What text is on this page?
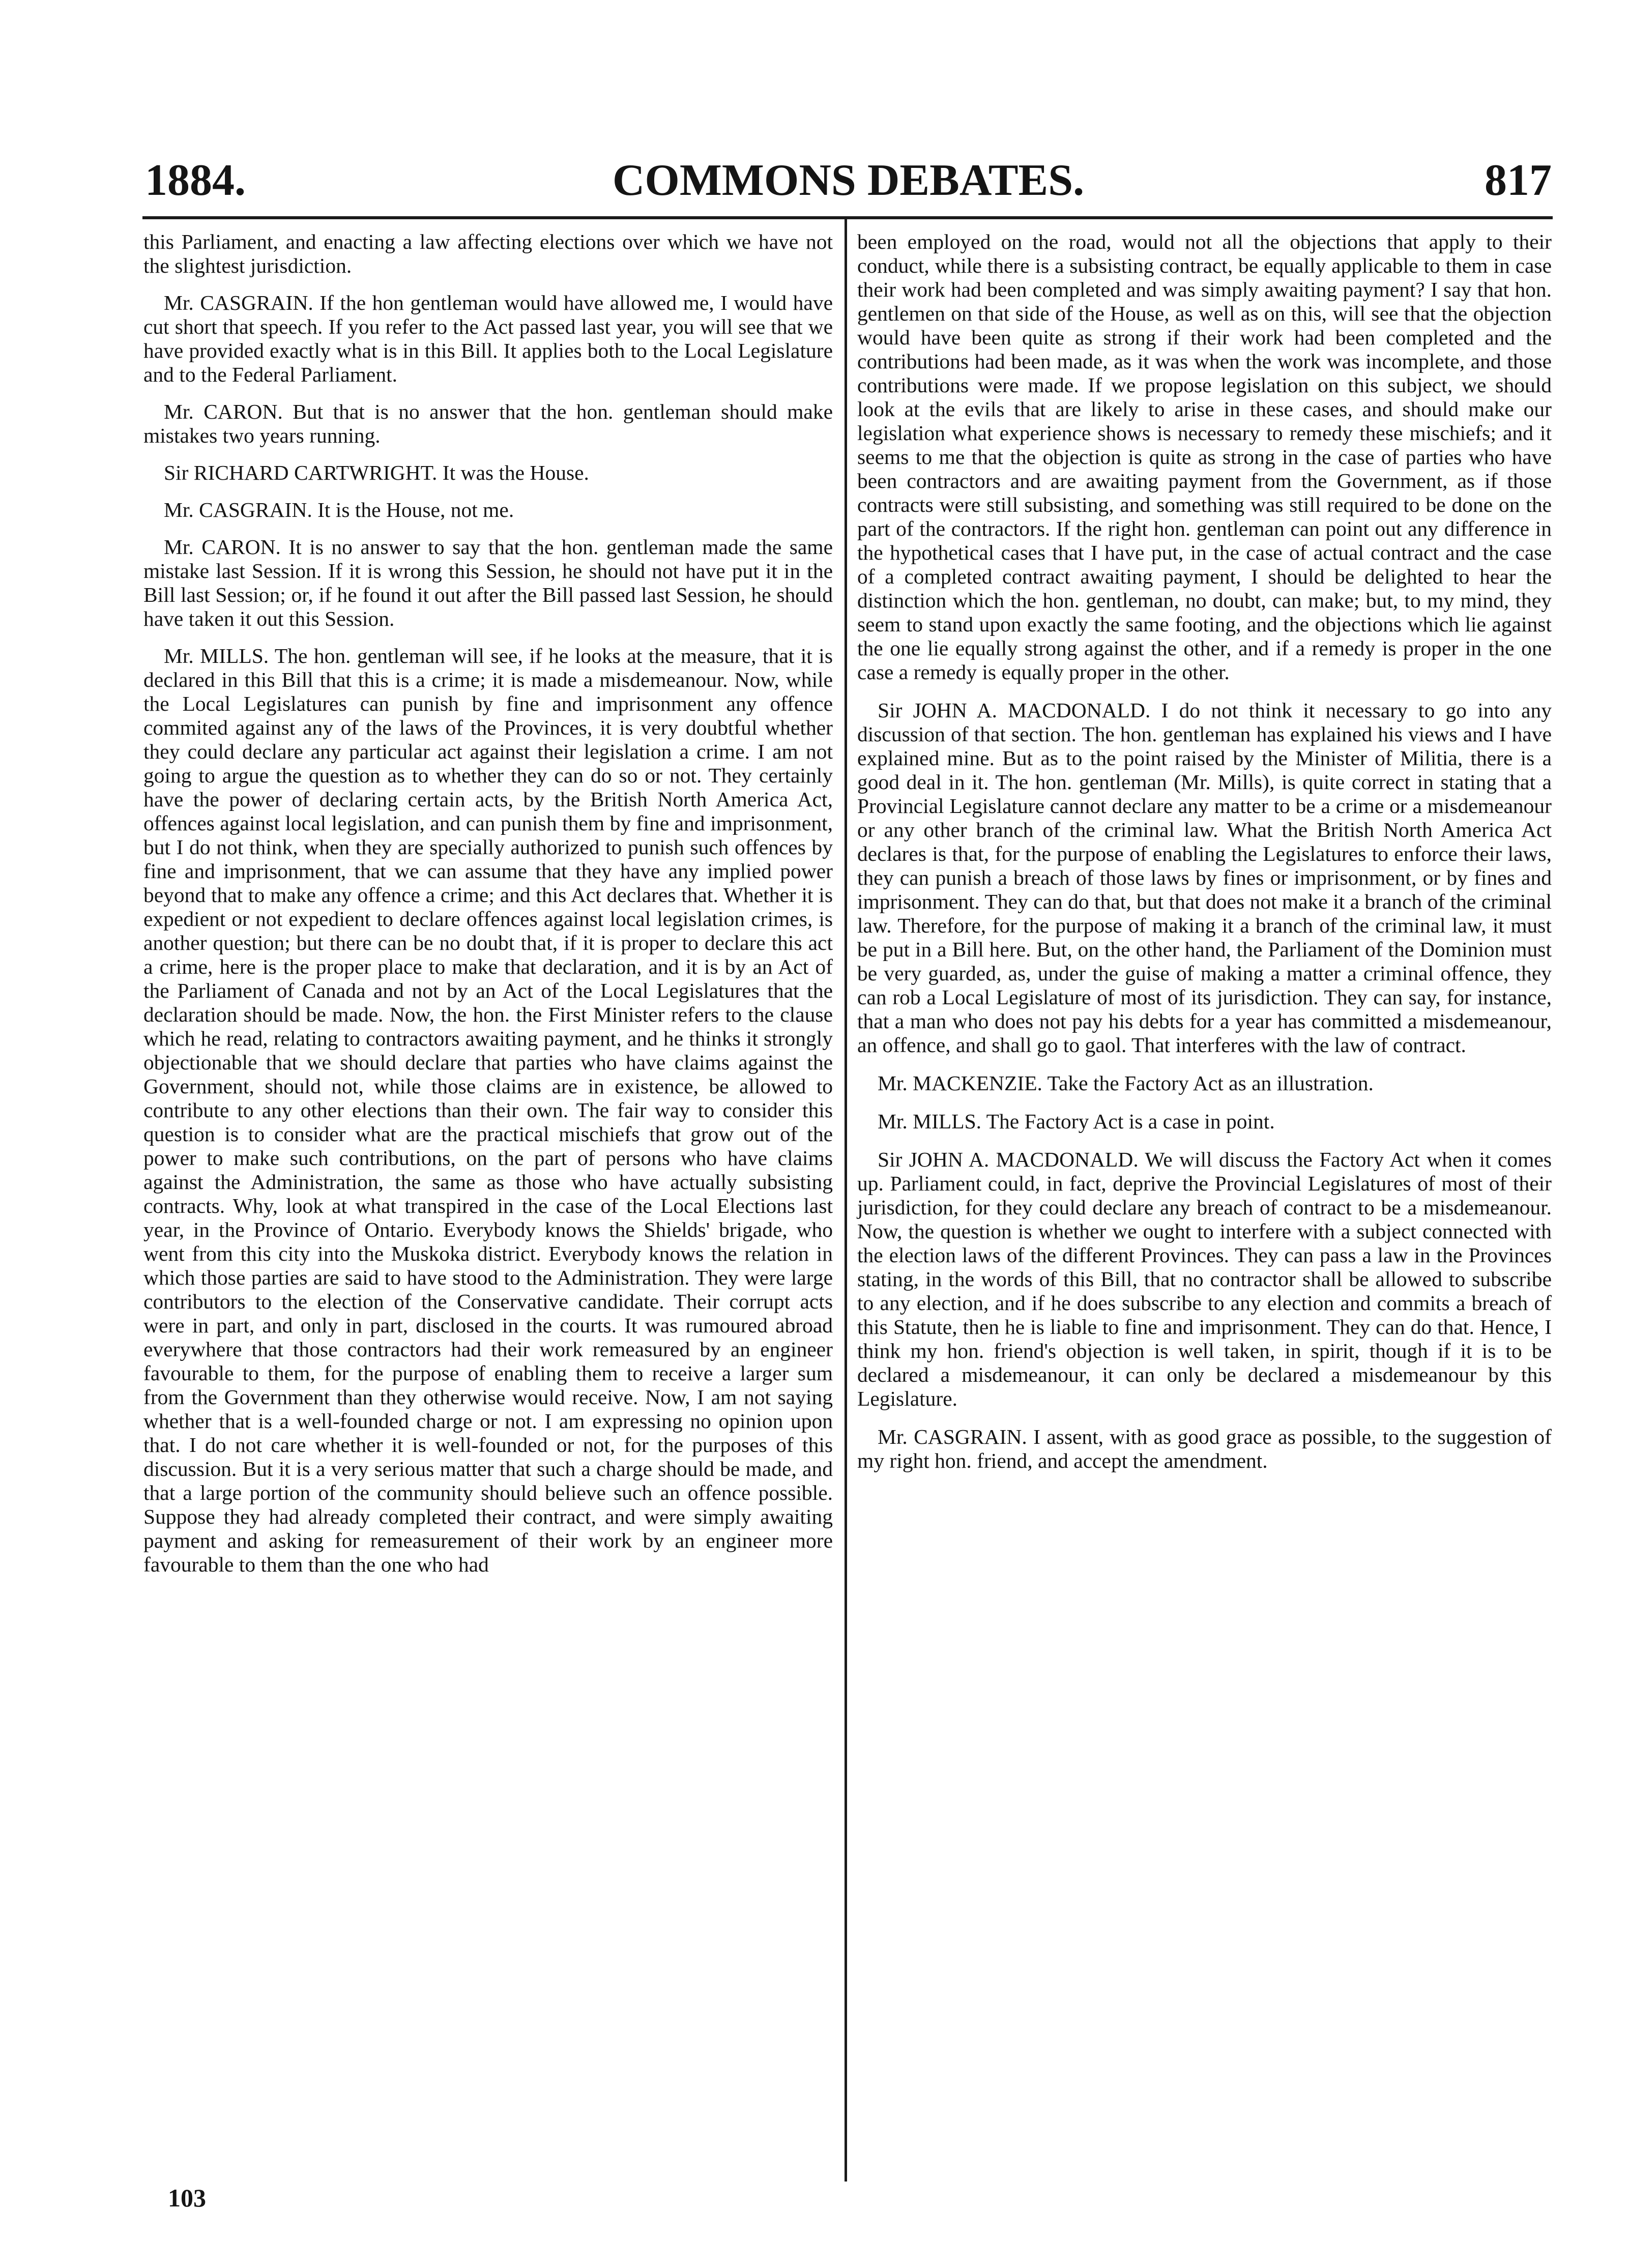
1884.	COMMONS DEBATES.	817

this Parliament, and enacting a law affecting elections over which we have not the slightest jurisdiction.

Mr. CASGRAIN. If the hon gentleman would have allowed me, I would have cut short that speech. If you refer to the Act passed last year, you will see that we have provided exactly what is in this Bill. It applies both to the Local Legislature and to the Federal Parliament.

Mr. CARON. But that is no answer that the hon. gentleman should make mistakes two years running.

Sir RICHARD CARTWRIGHT. It was the House.

Mr. CASGRAIN. It is the House, not me.

Mr. CARON. It is no answer to say that the hon. gentleman made the same mistake last Session. If it is wrong this Session, he should not have put it in the Bill last Session; or, if he found it out after the Bill passed last Session, he should have taken it out this Session.

Mr. MILLS. The hon. gentleman will see, if he looks at the measure, that it is declared in this Bill that this is a crime; it is made a misdemeanour. Now, while the Local Legislatures can punish by fine and imprisonment any offence commited against any of the laws of the Provinces, it is very doubtful whether they could declare any particular act against their legislation a crime. I am not going to argue the question as to whether they can do so or not. They certainly have the power of declaring certain acts, by the British North America Act, offences against local legislation, and can punish them by fine and imprisonment, but I do not think, when they are specially authorized to punish such offences by fine and imprisonment, that we can assume that they have any implied power beyond that to make any offence a crime; and this Act declares that. Whether it is expedient or not expedient to declare offences against local legislation crimes, is another question; but there can be no doubt that, if it is proper to declare this act a crime, here is the proper place to make that declaration, and it is by an Act of the Parliament of Canada and not by an Act of the Local Legislatures that the declaration should be made. Now, the hon. the First Minister refers to the clause which he read, relating to contractors awaiting payment, and he thinks it strongly objectionable that we should declare that parties who have claims against the Government, should not, while those claims are in existence, be allowed to contribute to any other elections than their own. The fair way to consider this question is to consider what are the practical mischiefs that grow out of the power to make such contributions, on the part of persons who have claims against the Administration, the same as those who have actually subsisting contracts. Why, look at what transpired in the case of the Local Elections last year, in the Province of Ontario. Everybody knows the Shields' brigade, who went from this city into the Muskoka district. Everybody knows the relation in which those parties are said to have stood to the Administration. They were large contributors to the election of the Conservative candidate. Their corrupt acts were in part, and only in part, disclosed in the courts. It was rumoured abroad everywhere that those contractors had their work remeasured by an engineer favourable to them, for the purpose of enabling them to receive a larger sum from the Government than they otherwise would receive. Now, I am not saying whether that is a well-founded charge or not. I am expressing no opinion upon that. I do not care whether it is well-founded or not, for the purposes of this discussion. But it is a very serious matter that such a charge should be made, and that a large portion of the community should believe such an offence possible. Suppose they had already completed their contract, and were simply awaiting payment and asking for remeasurement of their work by an engineer more favourable to them than the one who had

been employed on the road, would not all the objections that apply to their conduct, while there is a subsisting contract, be equally applicable to them in case their work had been completed and was simply awaiting payment? I say that hon. gentlemen on that side of the House, as well as on this, will see that the objection would have been quite as strong if their work had been completed and the contributions had been made, as it was when the work was incomplete, and those contributions were made. If we propose legislation on this subject, we should look at the evils that are likely to arise in these cases, and should make our legislation what experience shows is necessary to remedy these mischiefs; and it seems to me that the objection is quite as strong in the case of parties who have been contractors and are awaiting payment from the Government, as if those contracts were still subsisting, and something was still required to be done on the part of the contractors. If the right hon. gentleman can point out any difference in the hypothetical cases that I have put, in the case of actual contract and the case of a completed contract awaiting payment, I should be delighted to hear the distinction which the hon. gentleman, no doubt, can make; but, to my mind, they seem to stand upon exactly the same footing, and the objections which lie against the one lie equally strong against the other, and if a remedy is proper in the one case a remedy is equally proper in the other.

Sir JOHN A. MACDONALD. I do not think it necessary to go into any discussion of that section. The hon. gentleman has explained his views and I have explained mine. But as to the point raised by the Minister of Militia, there is a good deal in it. The hon. gentleman (Mr. Mills), is quite correct in stating that a Provincial Legislature cannot declare any matter to be a crime or a misdemeanour or any other branch of the criminal law. What the British North America Act declares is that, for the purpose of enabling the Legislatures to enforce their laws, they can punish a breach of those laws by fines or imprisonment, or by fines and imprisonment. They can do that, but that does not make it a branch of the criminal law. Therefore, for the purpose of making it a branch of the criminal law, it must be put in a Bill here. But, on the other hand, the Parliament of the Dominion must be very guarded, as, under the guise of making a matter a criminal offence, they can rob a Local Legislature of most of its jurisdiction. They can say, for instance, that a man who does not pay his debts for a year has committed a misdemeanour, an offence, and shall go to gaol. That interferes with the law of contract.

Mr. MACKENZIE. Take the Factory Act as an illustration.

Mr. MILLS. The Factory Act is a case in point.

Sir JOHN A. MACDONALD. We will discuss the Factory Act when it comes up. Parliament could, in fact, deprive the Provincial Legislatures of most of their jurisdiction, for they could declare any breach of contract to be a misdemeanour. Now, the question is whether we ought to interfere with a subject connected with the election laws of the different Provinces. They can pass a law in the Provinces stating, in the words of this Bill, that no contractor shall be allowed to subscribe to any election, and if he does subscribe to any election and commits a breach of this Statute, then he is liable to fine and imprisonment. They can do that. Hence, I think my hon. friend's objection is well taken, in spirit, though if it is to be declared a misdemeanour, it can only be declared a misdemeanour by this Legislature.

Mr. CASGRAIN. I assent, with as good grace as possible, to the suggestion of my right hon. friend, and accept the amendment.

103
